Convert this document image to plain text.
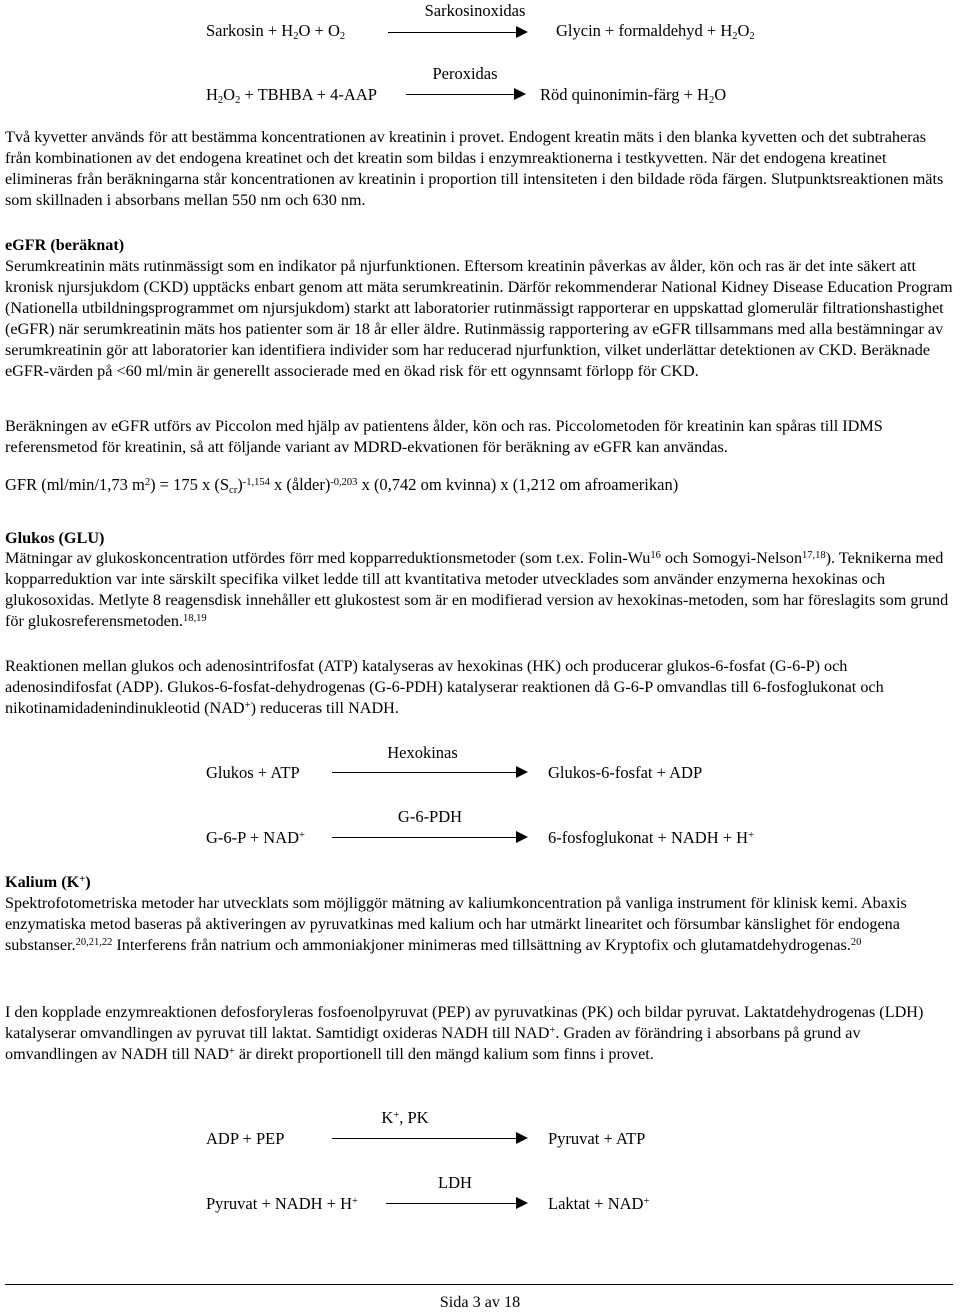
Sarkosinoxidas
Sarkosin + $H_2O + O_2$	Glycin + formaldehyd + $H_2O_2$
Peroxidas
$H_2O_2$ + TBHBA + 4-AAP	Röd quinonimin-färg + $H_2O$

Två kyvetter används för att bestämma koncentrationen av kreatinin i provet. Endogent kreatin mäts i den blanka kyvetten och det subtraheras från kombinationen av det endogena kreatinet och det kreatin som bildas i enzymreaktionerna i testkyvetten. När det endogena kreatinet elimineras från beräkningarna står koncentrationen av kreatinin i proportion till intensiteten i den bildade röda färgen. Slutpunktsreaktionen mäts som skillnaden i absorbans mellan 550 nm och 630 nm.

eGFR (beräknat)

Serumkreatinin mäts rutinmässigt som en indikator på njurfunktionen. Eftersom kreatinin påverkas av ålder, kön och ras är det inte säkert att kronisk njursjukdom (CKD) upptäcks enbart genom att mäta serumkreatinin. Därför rekommenderar National Kidney Disease Education Program (Nationella utbildningsprogrammet om njursjukdom) starkt att laboratorier rutinmässigt rapporterar en uppskattad glomerulär filtrationshastighet (eGFR) när serumkreatinin mäts hos patienter som är 18 år eller äldre. Rutinmässig rapportering av eGFR tillsammans med alla bestämningar av serumkreatinin gör att laboratorier kan identifiera individer som har reducerad njurfunktion, vilket underlättar detektionen av CKD. Beräknade eGFR-värden på <60 ml/min är generellt associerade med en ökad risk för ett ogynnsamt förlopp för CKD.

Beräkningen av eGFR utförs av Piccolon med hjälp av patientens ålder, kön och ras. Piccolometoden för kreatinin kan spåras till IDMS referensmetod för kreatinin, så att följande variant av MDRD-ekvationen för beräkning av eGFR kan användas.

GFR (ml/min/1,73 $m^2) = 175$ x $(S_{cr})^{-1,154}$ x (ålder)$^{-0,203}$ x (0,742 om kvinna) x (1,212 om afroamerikan)
Glukos (GLU)

Mätningar av glukoskoncentration utfördes förr med kopparreduktionsmetoder (som t.ex. Folin-Wu$^{16}$ och Somogyi-Nelson$^{17,18}$). Teknikerna med kopparreduktion var inte särskilt specifika vilket ledde till att kvantitativa metoder utvecklades som använder enzymerna hexokinas och glukosoxidas. Metlyte 8 reagensdisk innehåller ett glukostest som är en modifierad version av hexokinas-metoden, som har föreslagits som grund för glukosreferensmetoden.$^{18,19}$

Reaktionen mellan glukos och adenosintrifosfat (ATP) katalyseras av hexokinas (HK) och producerar glukos-6-fosfat (G-6-P) och adenosindifosfat (ADP). Glukos-6-fosfat-dehydrogenas (G-6-PDH) katalyserar reaktionen då G-6-P omvandlas till 6-fosfoglukonat och nikotinamidadenindinukleotid (NAD+) reduceras till NADH.

Hexokinas
Glukos + ATP	Glukos-6-fosfat + ADP
G-6-PDH
G-6-P + NAD+	6-fosfoglukonat + NADH + H+
Kalium (K+)

Spektrofotometriska metoder har utvecklats som möjliggör mätning av kaliumkoncentration på vanliga instrument för klinisk kemi. Abaxis enzymatiska metod baseras på aktiveringen av pyruvatkinas med kalium och har utmärkt linearitet och försumbar känslighet för endogena substanser.$^{20,21,22}$ Interferens från natrium och ammoniakjoner minimeras med tillsättning av Kryptofix och glutamatdehydrogenas.$^{20}$

I den kopplade enzymreaktionen defosforyleras fosfoenolpyruvat (PEP) av pyruvatkinas (PK) och bildar pyruvat. Laktatdehydrogenas (LDH) katalyserar omvandlingen av pyruvat till laktat. Samtidigt oxideras NADH till NAD+. Graden av förändring i absorbans på grund av omvandlingen av NADH till NAD+ är direkt proportionell till den mängd kalium som finns i provet.

K+, PK
ADP + PEP	Pyruvat + ATP
LDH
Pyruvat + NADH + H+	Laktat + NAD+
Sida 3 av 18
